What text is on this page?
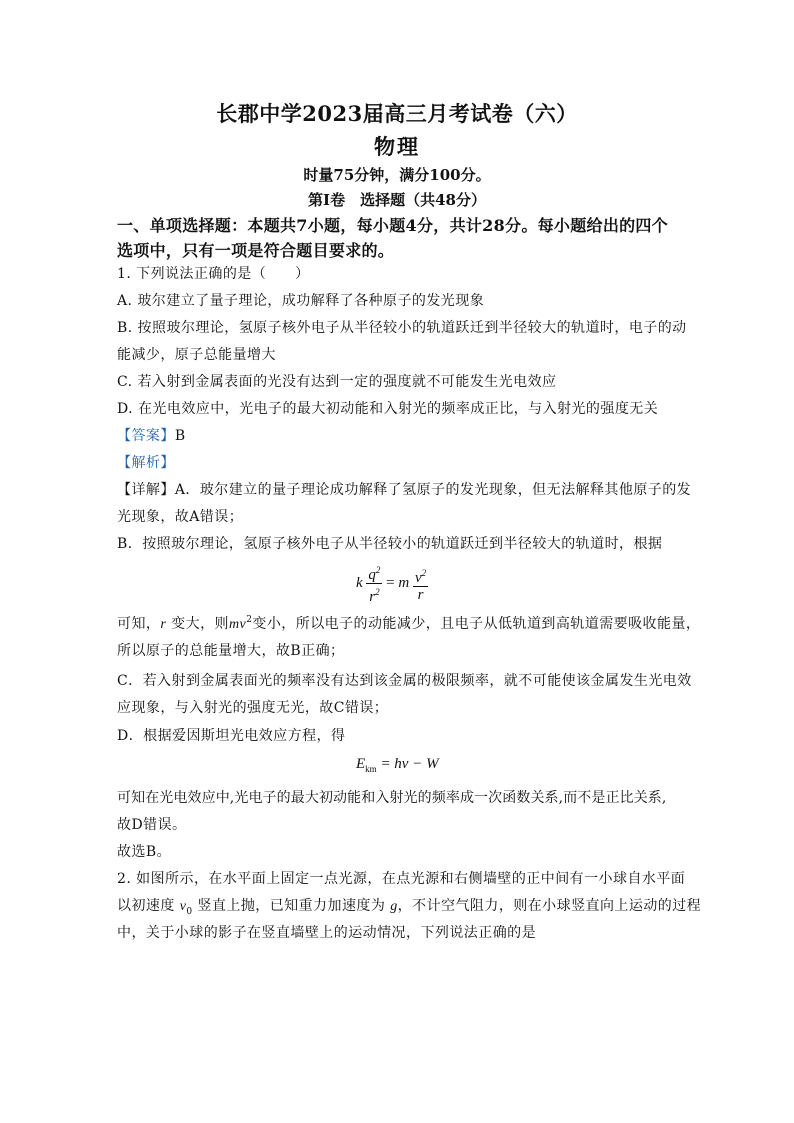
长郡中学2023届高三月考试卷（六）
物理
时量75分钟，满分100分。
第Ⅰ卷　选择题（共48分）
一、单项选择题：本题共7小题，每小题4分，共计28分。每小题给出的四个
选项中，只有一项是符合题目要求的。
1. 下列说法正确的是（　　）
A. 玻尔建立了量子理论，成功解释了各种原子的发光现象
B. 按照玻尔理论，氢原子核外电子从半径较小的轨道跃迁到半径较大的轨道时，电子的动
能减少，原子总能量增大
C. 若入射到金属表面的光没有达到一定的强度就不可能发生光电效应
D. 在光电效应中，光电子的最大初动能和入射光的频率成正比，与入射光的强度无关
【答案】B
【解析】
【详解】A．玻尔建立的量子理论成功解释了氢原子的发光现象，但无法解释其他原子的发
光现象，故A错误；
B．按照玻尔理论，氢原子核外电子从半径较小的轨道跃迁到半径较大的轨道时，根据
k $\frac{q^2}{r^2} = m \frac{v^2}{r}$
可知，r 变大，则$mv^2$变小，所以电子的动能减少，且电子从低轨道到高轨道需要吸收能量，
所以原子的总能量增大，故B正确；
C．若入射到金属表面光的频率没有达到该金属的极限频率，就不可能使该金属发生光电效
应现象，与入射光的强度无光，故C错误；
D．根据爱因斯坦光电效应方程，得
$E_{km} = h\nu - W$
可知在光电效应中,光电子的最大初动能和入射光的频率成一次函数关系,而不是正比关系,
故D错误。
故选B。
2. 如图所示，在水平面上固定一点光源，在点光源和右侧墙壁的正中间有一小球自水平面
以初速度 $v_0$ 竖直上抛，已知重力加速度为 g，不计空气阻力，则在小球竖直向上运动的过程
中，关于小球的影子在竖直墙壁上的运动情况，下列说法正确的是
